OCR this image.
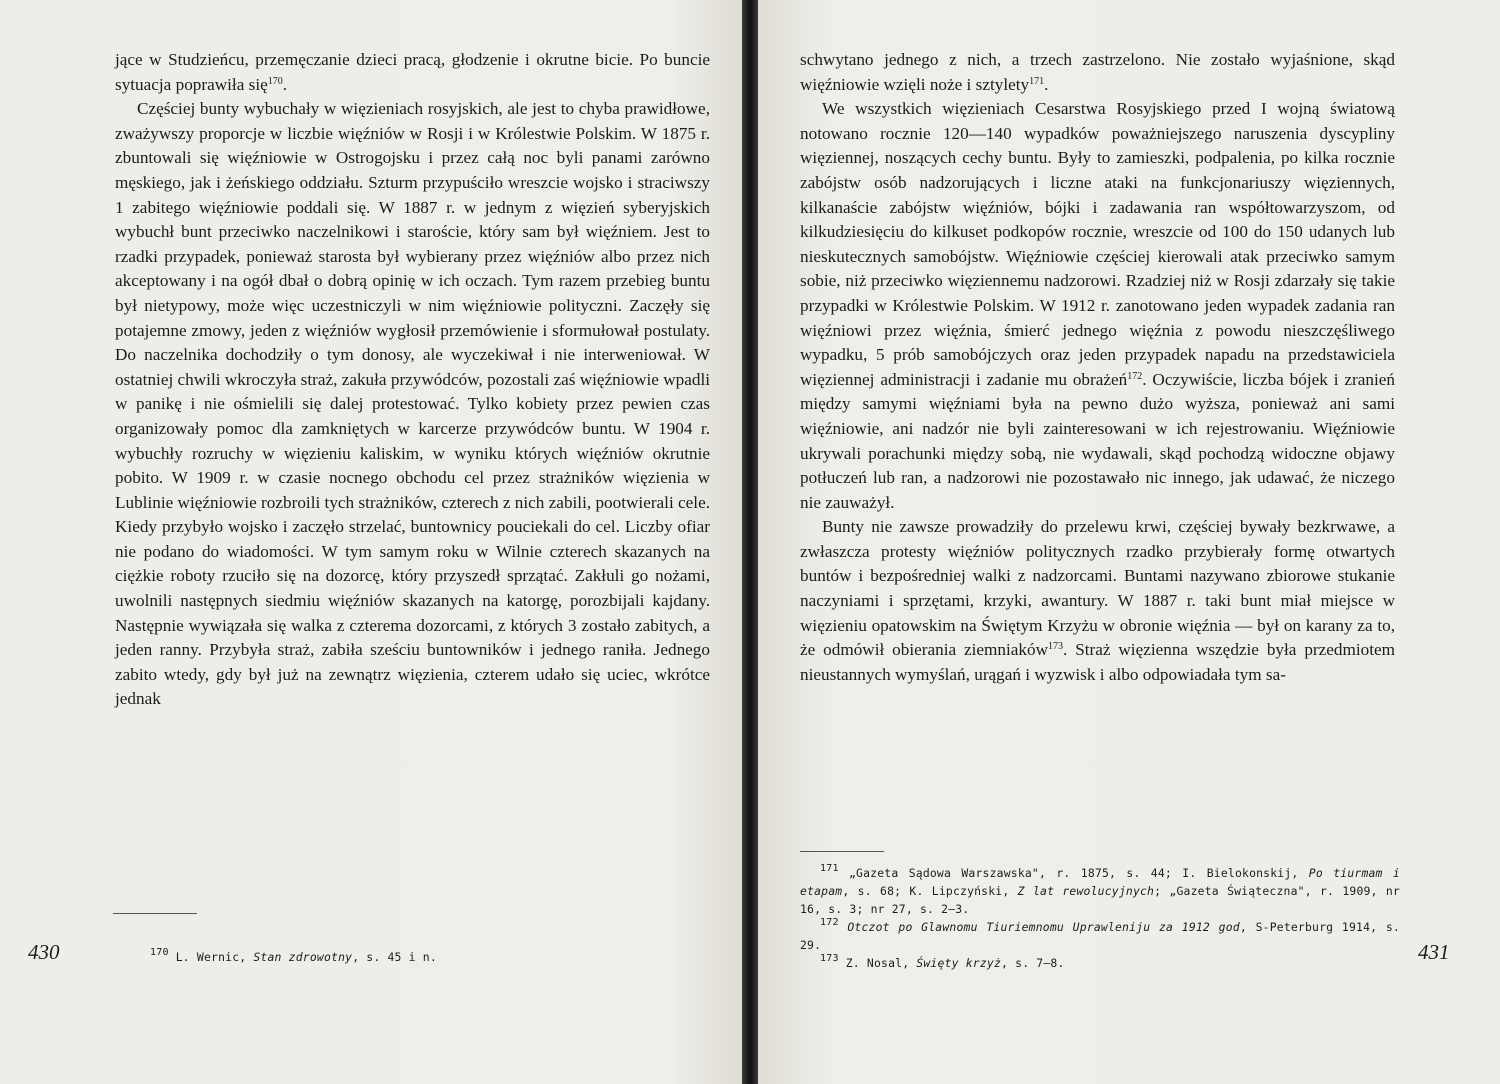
jące w Studzieńcu, przemęczanie dzieci pracą, głodzenie i okrutne bicie. Po buncie sytuacja poprawiła się$^{170}$.

Częściej bunty wybuchały w więzieniach rosyjskich, ale jest to chyba prawidłowe, zważywszy proporcje w liczbie więźniów w Rosji i w Królestwie Polskim. W 1875 r. zbuntowali się więźniowie w Ostrogojsku i przez całą noc byli panami zarówno męskiego, jak i żeńskiego oddziału. Szturm przypuściło wreszcie wojsko i straciwszy 1 zabitego więźniowie poddali się. W 1887 r. w jednym z więzień syberyjskich wybuchł bunt przeciwko naczelnikowi i staroście, który sam był więźniem. Jest to rzadki przypadek, ponieważ starosta był wybierany przez więźniów albo przez nich akceptowany i na ogół dbał o dobrą opinię w ich oczach. Tym razem przebieg buntu był nietypowy, może więc uczestniczyli w nim więźniowie polityczni. Zaczęły się potajemne zmowy, jeden z więźniów wygłosił przemówienie i sformułował postulaty. Do naczelnika dochodziły o tym donosy, ale wyczekiwał i nie interweniował. W ostatniej chwili wkroczyła straż, zakuła przywódców, pozostali zaś więźniowie wpadli w panikę i nie ośmielili się dalej protestować. Tylko kobiety przez pewien czas organizowały pomoc dla zamkniętych w karcerze przywódców buntu. W 1904 r. wybuchły rozruchy w więzieniu kaliskim, w wyniku których więźniów okrutnie pobito. W 1909 r. w czasie nocnego obchodu cel przez strażników więzienia w Lublinie więźniowie rozbroili tych strażników, czterech z nich zabili, pootwierali cele. Kiedy przybyło wojsko i zaczęło strzelać, buntownicy pouciekali do cel. Liczby ofiar nie podano do wiadomości. W tym samym roku w Wilnie czterech skazanych na ciężkie roboty rzuciło się na dozorcę, który przyszedł sprzątać. Zakłuli go nożami, uwolnili następnych siedmiu więźniów skazanych na katorgę, porozbijali kajdany. Następnie wywiązała się walka z czterema dozorcami, z których 3 zostało zabitych, a jeden ranny. Przybyła straż, zabiła sześciu buntowników i jednego raniła. Jednego zabito wtedy, gdy był już na zewnątrz więzienia, czterem udało się uciec, wkrótce jednak

430	$^{170}$ L. Wernic, Stan zdrowotny, s. 45 i n.

schwytano jednego z nich, a trzech zastrzelono. Nie zostało wyjaśnione, skąd więźniowie wzięli noże i sztylety$^{171}$.

We wszystkich więzieniach Cesarstwa Rosyjskiego przed I wojną światową notowano rocznie 120—140 wypadków poważniejszego naruszenia dyscypliny więziennej, noszących cechy buntu. Były to zamieszki, podpalenia, po kilka rocznie zabójstw osób nadzorujących i liczne ataki na funkcjonariuszy więziennych, kilkanaście zabójstw więźniów, bójki i zadawania ran współtowarzyszom, od kilkudziesięciu do kilkuset podkopów rocznie, wreszcie od 100 do 150 udanych lub nieskutecznych samobójstw. Więźniowie częściej kierowali atak przeciwko samym sobie, niż przeciwko więziennemu nadzorowi. Rzadziej niż w Rosji zdarzały się takie przypadki w Królestwie Polskim. W 1912 r. zanotowano jeden wypadek zadania ran więźniowi przez więźnia, śmierć jednego więźnia z powodu nieszczęśliwego wypadku, 5 prób samobójczych oraz jeden przypadek napadu na przedstawiciela więziennej administracji i zadanie mu obrażeń$^{172}$. Oczywiście, liczba bójek i zranień między samymi więźniami była na pewno dużo wyższa, ponieważ ani sami więźniowie, ani nadzór nie byli zainteresowani w ich rejestrowaniu. Więźniowie ukrywali porachunki między sobą, nie wydawali, skąd pochodzą widoczne objawy potłuczeń lub ran, a nadzorowi nie pozostawało nic innego, jak udawać, że niczego nie zauważył.

Bunty nie zawsze prowadziły do przelewu krwi, częściej bywały bezkrwawe, a zwłaszcza protesty więźniów politycznych rzadko przybierały formę otwartych buntów i bezpośredniej walki z nadzorcami. Buntami nazywano zbiorowe stukanie naczyniami i sprzętami, krzyki, awantury. W 1887 r. taki bunt miał miejsce w więzieniu opatowskim na Świętym Krzyżu w obronie więźnia — był on karany za to, że odmówił obierania ziemniaków$^{173}$. Straż więzienna wszędzie była przedmiotem nieustannych wymyślań, urągań i wyzwisk i albo odpowiadała tym sa-

$^{171}$ „Gazeta Sądowa Warszawska", r. 1875, s. 44; I. Bielokonskij, Po tiurmam i etapam, s. 68; K. Lipczyński, Z lat rewolucyjnych; „Gazeta Świąteczna", r. 1909, nr 16, s. 3; nr 27, s. 2—3.

$^{172}$ Otczot po Glawnomu Tiuriemnomu Uprawleniju za 1912 god, S-Peterburg 1914, s. 29.

$^{173}$ Z. Nosal, Święty krzyż, s. 7—8.	431
